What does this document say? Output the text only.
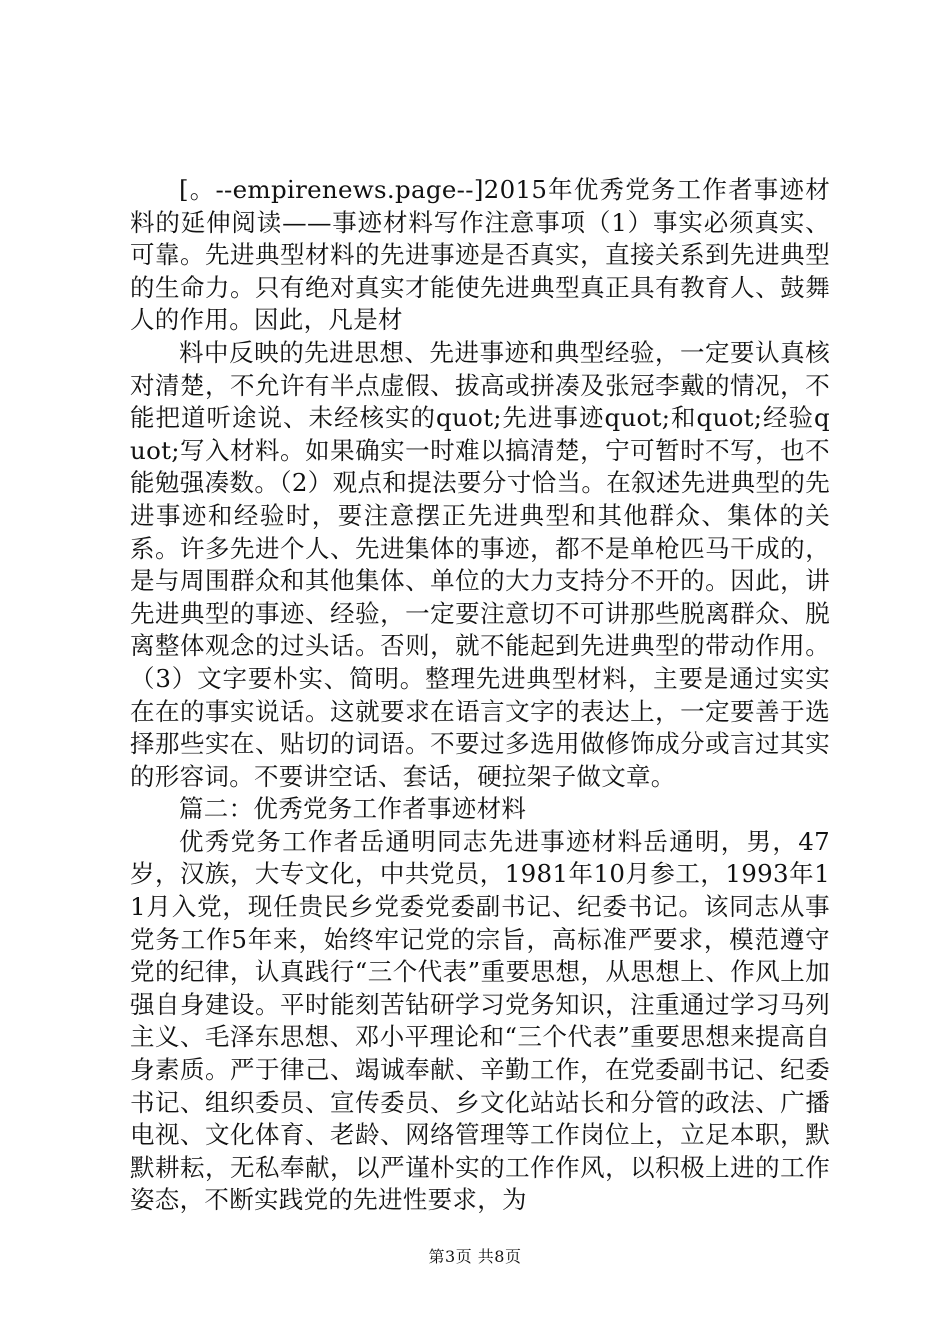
[。--empirenews.page--]2015年优秀党务工作者事迹材料的延伸阅读——事迹材料写作注意事项（1）事实必须真实、可靠。先进典型材料的先进事迹是否真实，直接关系到先进典型的生命力。只有绝对真实才能使先进典型真正具有教育人、鼓舞人的作用。因此，凡是材

料中反映的先进思想、先进事迹和典型经验，一定要认真核对清楚，不允许有半点虚假、拔高或拼凑及张冠李戴的情况，不能把道听途说、未经核实的quot;先进事迹quot;和quot;经验quot;写入材料。如果确实一时难以搞清楚，宁可暂时不写，也不能勉强凑数。（2）观点和提法要分寸恰当。在叙述先进典型的先进事迹和经验时，要注意摆正先进典型和其他群众、集体的关系。许多先进个人、先进集体的事迹，都不是单枪匹马干成的，是与周围群众和其他集体、单位的大力支持分不开的。因此，讲先进典型的事迹、经验，一定要注意切不可讲那些脱离群众、脱离整体观念的过头话。否则，就不能起到先进典型的带动作用。（3）文字要朴实、简明。整理先进典型材料，主要是通过实实在在的事实说话。这就要求在语言文字的表达上，一定要善于选择那些实在、贴切的词语。不要过多选用做修饰成分或言过其实的形容词。不要讲空话、套话，硬拉架子做文章。

篇二：优秀党务工作者事迹材料

优秀党务工作者岳通明同志先进事迹材料岳通明，男，47岁，汉族，大专文化，中共党员，1981年10月参工，1993年11月入党，现任贵民乡党委党委副书记、纪委书记。该同志从事党务工作5年来，始终牢记党的宗旨，高标准严要求，模范遵守党的纪律，认真践行“三个代表”重要思想，从思想上、作风上加强自身建设。平时能刻苦钻研学习党务知识，注重通过学习马列主义、毛泽东思想、邓小平理论和“三个代表”重要思想来提高自身素质。严于律己、竭诚奉献、辛勤工作，在党委副书记、纪委书记、组织委员、宣传委员、乡文化站站长和分管的政法、广播电视、文化体育、老龄、网络管理等工作岗位上，立足本职，默默耕耘，无私奉献，以严谨朴实的工作作风，以积极上进的工作姿态，不断实践党的先进性要求，为

第3页 共8页
